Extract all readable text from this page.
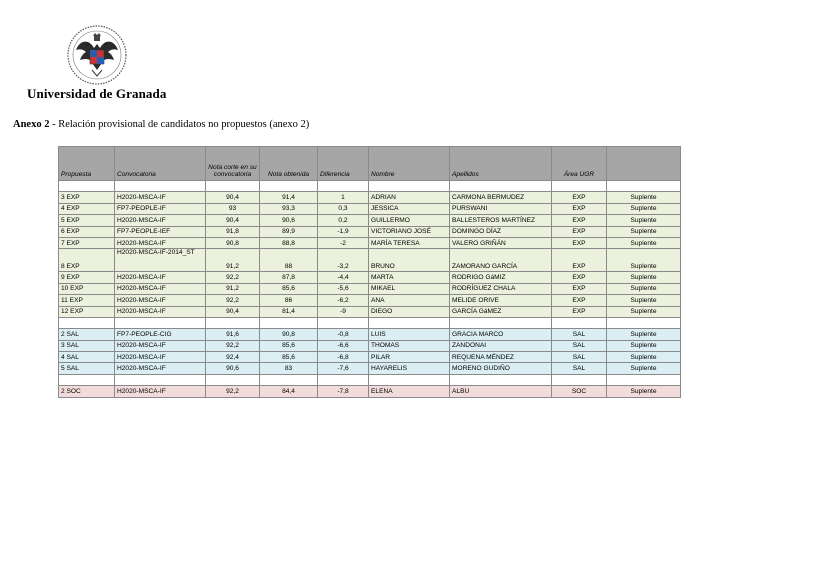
Universidad de Granada
Anexo 2 - Relación provisional de candidatos no propuestos (anexo 2)
Propuesta	Convocatoria	Nota corte en su convocatoria	Nota obtenida	Diferencia	Nombre	Apellidos	Área UGR	

3 EXP	H2020-MSCA-IF	90,4	91,4	1	ADRIAN	CARMONA BERMUDEZ	EXP	Suplente
4 EXP	FP7-PEOPLE-IF	93	93,3	0,3	JESSICA	PURSWANI	EXP	Suplente
5 EXP	H2020-MSCA-IF	90,4	90,6	0,2	GUILLERMO	BALLESTEROS MARTÍNEZ	EXP	Suplente
6 EXP	FP7-PEOPLE-IEF	91,8	89,9	-1,9	VICTORIANO JOSÉ	DOMINGO DÍAZ	EXP	Suplente
7 EXP	H2020-MSCA-IF	90,8	88,8	-2	MARÍA TERESA	VALERO GRIÑÁN	EXP	Suplente
8 EXP	H2020-MSCA-IF-2014_ST	91,2	88	-3,2	BRUNO	ZAMORANO GARCÍA	EXP	Suplente
9 EXP	H2020-MSCA-IF	92,2	87,8	-4,4	MARTA	RODRIGO GáMIZ	EXP	Suplente
10 EXP	H2020-MSCA-IF	91,2	85,6	-5,6	MIKAEL	RODRÍGUEZ CHALA	EXP	Suplente
11 EXP	H2020-MSCA-IF	92,2	86	-6,2	ANA	MELIDE ORIVE	EXP	Suplente
12 EXP	H2020-MSCA-IF	90,4	81,4	-9	DIEGO	GARCÍA GáMEZ	EXP	Suplente

2 SAL	FP7-PEOPLE-CIG	91,6	90,8	-0,8	LUIS	GRACIA MARCO	SAL	Suplente
3 SAL	H2020-MSCA-IF	92,2	85,6	-6,6	THOMAS	ZANDONAI	SAL	Suplente
4 SAL	H2020-MSCA-IF	92,4	85,6	-6,8	PILAR	REQUENA MÉNDEZ	SAL	Suplente
5 SAL	H2020-MSCA-IF	90,6	83	-7,6	HAYARELIS	MORENO GUDIÑO	SAL	Suplente

2 SOC	H2020-MSCA-IF	92,2	84,4	-7,8	ELENA	ALBU	SOC	Suplente
